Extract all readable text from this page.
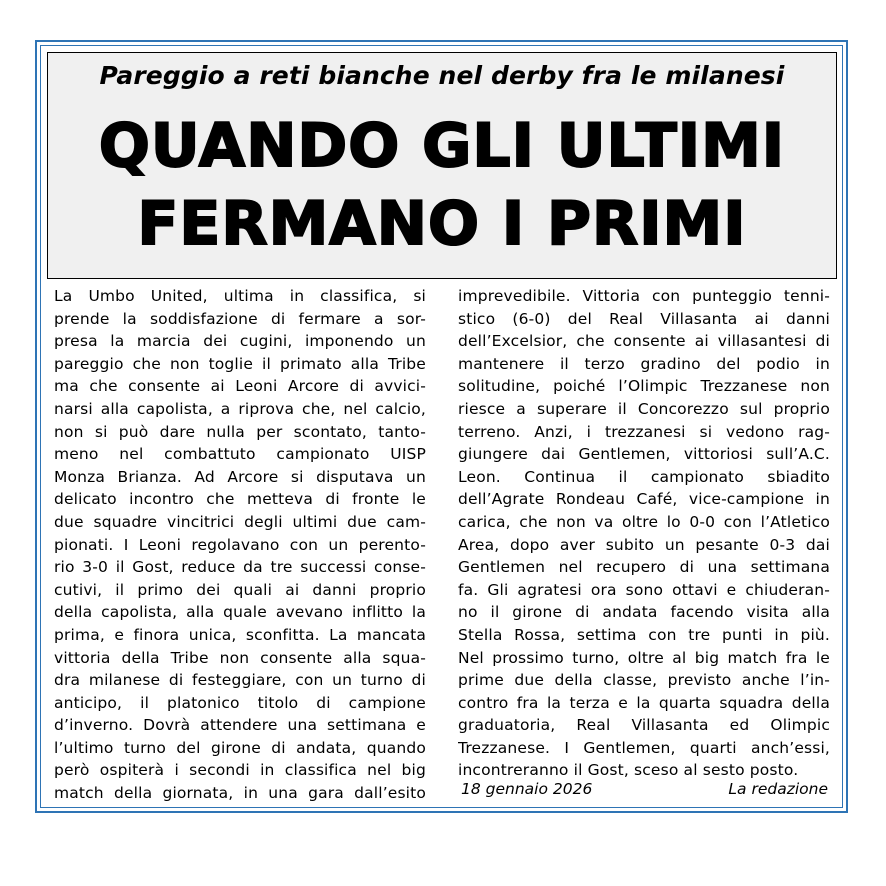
Pareggio a reti bianche nel derby fra le milanesi
QUANDO GLI ULTIMI
FERMANO I PRIMI
La Umbo United, ultima in classifica, si
prende la soddisfazione di fermare a sor-
presa la marcia dei cugini, imponendo un
pareggio che non toglie il primato alla Tribe
ma che consente ai Leoni Arcore di avvici-
narsi alla capolista, a riprova che, nel calcio,
non si può dare nulla per scontato, tanto-
meno nel combattuto campionato UISP
Monza Brianza. Ad Arcore si disputava un
delicato incontro che metteva di fronte le
due squadre vincitrici degli ultimi due cam-
pionati. I Leoni regolavano con un perento-
rio 3-0 il Gost, reduce da tre successi conse-
cutivi, il primo dei quali ai danni proprio
della capolista, alla quale avevano inflitto la
prima, e finora unica, sconfitta. La mancata
vittoria della Tribe non consente alla squa-
dra milanese di festeggiare, con un turno di
anticipo, il platonico titolo di campione
d’inverno. Dovrà attendere una settimana e
l’ultimo turno del girone di andata, quando
però ospiterà i secondi in classifica nel big
match della giornata, in una gara dall’esito
imprevedibile. Vittoria con punteggio tenni-
stico (6-0) del Real Villasanta ai danni
dell’Excelsior, che consente ai villasantesi di
mantenere il terzo gradino del podio in
solitudine, poiché l’Olimpic Trezzanese non
riesce a superare il Concorezzo sul proprio
terreno. Anzi, i trezzanesi si vedono rag-
giungere dai Gentlemen, vittoriosi sull’A.C.
Leon. Continua il campionato sbiadito
dell’Agrate Rondeau Café, vice-campione in
carica, che non va oltre lo 0-0 con l’Atletico
Area, dopo aver subito un pesante 0-3 dai
Gentlemen nel recupero di una settimana
fa. Gli agratesi ora sono ottavi e chiuderan-
no il girone di andata facendo visita alla
Stella Rossa, settima con tre punti in più.
Nel prossimo turno, oltre al big match fra le
prime due della classe, previsto anche l’in-
contro fra la terza e la quarta squadra della
graduatoria, Real Villasanta ed Olimpic
Trezzanese. I Gentlemen, quarti anch’essi,
incontreranno il Gost, sceso al sesto posto.
18 gennaio 2026	La redazione
